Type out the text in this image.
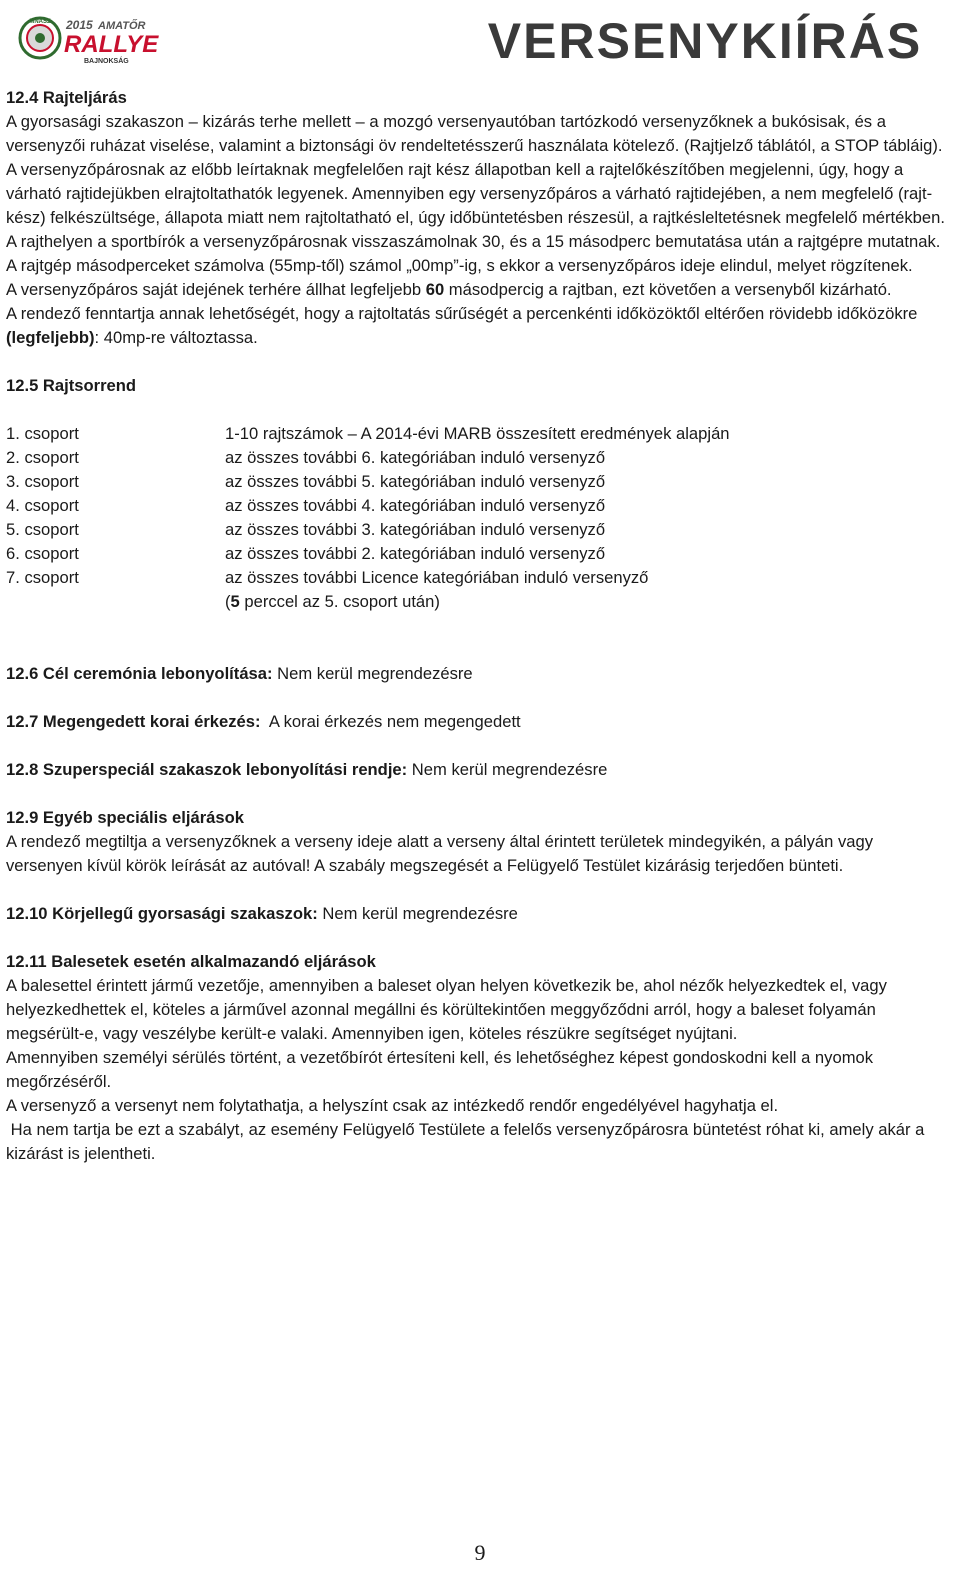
MNASZ 2015 AMATŐR
RALLYE
BAJNOKSÁG	VERSENYKIÍRÁS

12.4 Rajteljárás

A gyorsasági szakaszon – kizárás terhe mellett – a mozgó versenyautóban tartózkodó versenyzőknek a bukósisak, és a versenyzői ruházat viselése, valamint a biztonsági öv rendeltetésszerű használata kötelező. (Rajtjelző táblától, a STOP tábláig). A versenyzőpárosnak az előbb leírtaknak megfelelően rajt kész állapotban kell a rajtelőkészítőben megjelenni, úgy, hogy a várható rajtidejükben elrajtoltathatók legyenek. Amennyiben egy versenyzőpáros a várható rajtidejében, a nem megfelelő (rajt-kész) felkészültsége, állapota miatt nem rajtoltatható el, úgy időbüntetésben részesül, a rajtkésleltetésnek megfelelő mértékben.

A rajthelyen a sportbírók a versenyzőpárosnak visszaszámolnak 30, és a 15 másodperc bemutatása után a rajtgépre mutatnak. A rajtgép másodperceket számolva (55mp-től) számol „00mp”-ig, s ekkor a versenyzőpáros ideje elindul, melyet rögzítenek.

A versenyzőpáros saját idejének terhére állhat legfeljebb 60 másodpercig a rajtban, ezt követően a versenyből kizárható.

A rendező fenntartja annak lehetőségét, hogy a rajtoltatás sűrűségét a percenkénti időközöktől eltérően rövidebb időközökre (legfeljebb): 40mp-re változtassa.

12.5 Rajtsorrend

1. csoport	1-10 rajtszámok – A 2014-évi MARB összesített eredmények alapján
2. csoport	az összes további 6. kategóriában induló versenyző
3. csoport	az összes további 5. kategóriában induló versenyző
4. csoport	az összes további 4. kategóriában induló versenyző
5. csoport	az összes további 3. kategóriában induló versenyző
6. csoport	az összes további 2. kategóriában induló versenyző
7. csoport	az összes további Licence kategóriában induló versenyző
	(5 perccel az 5. csoport után)

12.6 Cél ceremónia lebonyolítása: Nem kerül megrendezésre

12.7 Megengedett korai érkezés:  A korai érkezés nem megengedett

12.8 Szuperspeciál szakaszok lebonyolítási rendje: Nem kerül megrendezésre

12.9 Egyéb speciális eljárások

A rendező megtiltja a versenyzőknek a verseny ideje alatt a verseny által érintett területek mindegyikén, a pályán vagy versenyen kívül körök leírását az autóval! A szabály megszegését a Felügyelő Testület kizárásig terjedően bünteti.

12.10 Körjellegű gyorsasági szakaszok: Nem kerül megrendezésre

12.11 Balesetek esetén alkalmazandó eljárások

A balesettel érintett jármű vezetője, amennyiben a baleset olyan helyen következik be, ahol nézők helyezkedtek el, vagy helyezkedhettek el, köteles a járművel azonnal megállni és körültekintően meggyőződni arról, hogy a baleset folyamán megsérült-e, vagy veszélybe került-e valaki. Amennyiben igen, köteles részükre segítséget nyújtani.

Amennyiben személyi sérülés történt, a vezetőbírót értesíteni kell, és lehetőséghez képest gondoskodni kell a nyomok megőrzéséről.

A versenyző a versenyt nem folytathatja, a helyszínt csak az intézkedő rendőr engedélyével hagyhatja el.

Ha nem tartja be ezt a szabályt, az esemény Felügyelő Testülete a felelős versenyzőpárosra büntetést róhat ki, amely akár a kizárást is jelentheti.

9
